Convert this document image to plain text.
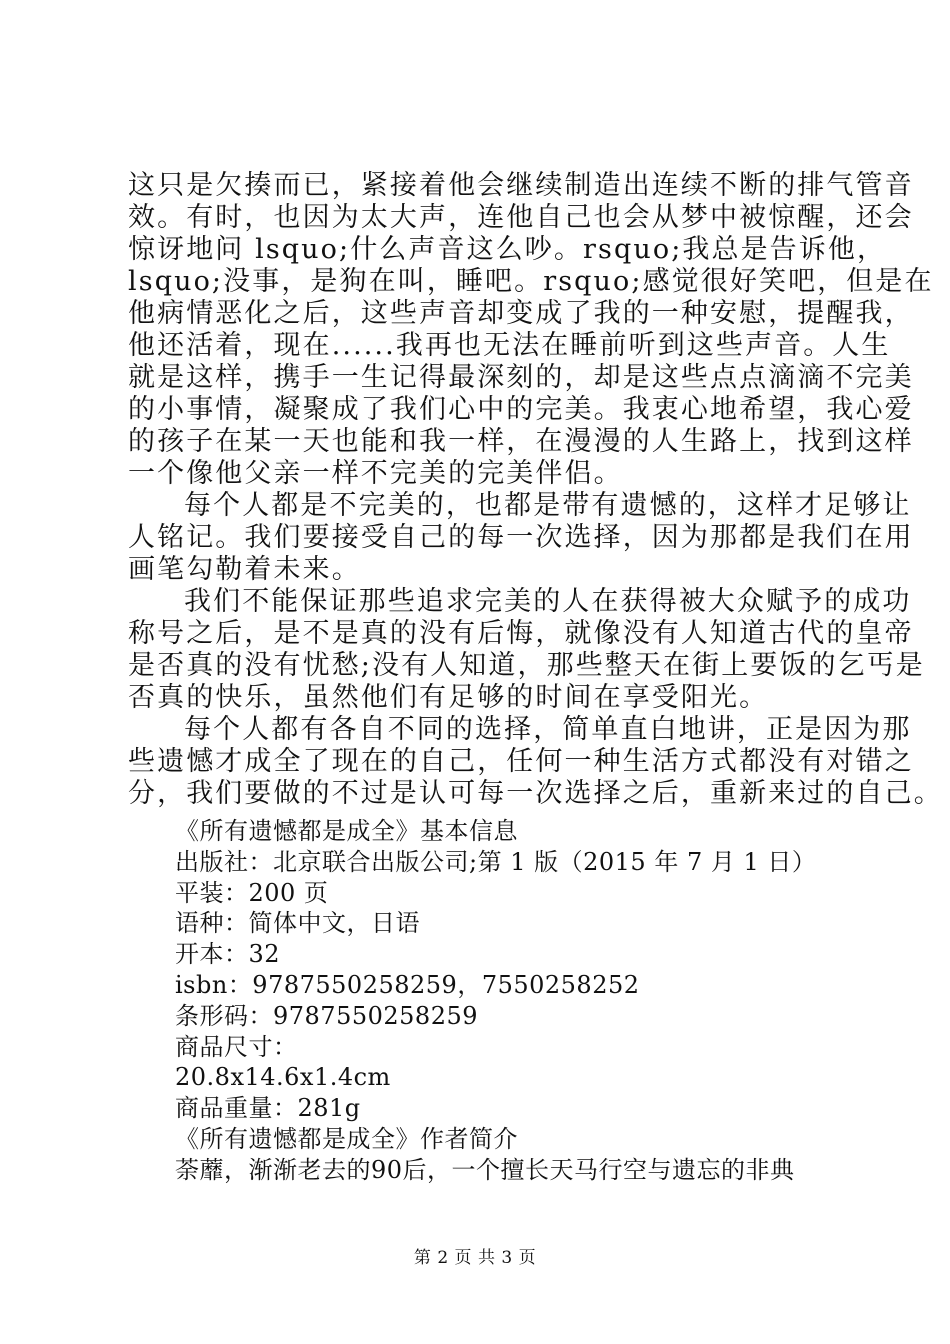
这只是欠揍而已，紧接着他会继续制造出连续不断的排气管音
效。有时，也因为太大声，连他自己也会从梦中被惊醒，还会
惊讶地问 lsquo;什么声音这么吵。rsquo;我总是告诉他，
lsquo;没事，是狗在叫，睡吧。rsquo;感觉很好笑吧，但是在
他病情恶化之后，这些声音却变成了我的一种安慰，提醒我，
他还活着，现在......我再也无法在睡前听到这些声音。人生
就是这样，携手一生记得最深刻的，却是这些点点滴滴不完美
的小事情，凝聚成了我们心中的完美。我衷心地希望，我心爱
的孩子在某一天也能和我一样，在漫漫的人生路上，找到这样
一个像他父亲一样不完美的完美伴侣。
每个人都是不完美的，也都是带有遗憾的，这样才足够让
人铭记。我们要接受自己的每一次选择，因为那都是我们在用
画笔勾勒着未来。
我们不能保证那些追求完美的人在获得被大众赋予的成功
称号之后，是不是真的没有后悔，就像没有人知道古代的皇帝
是否真的没有忧愁;没有人知道，那些整天在街上要饭的乞丐是
否真的快乐，虽然他们有足够的时间在享受阳光。
每个人都有各自不同的选择，简单直白地讲，正是因为那
些遗憾才成全了现在的自己，任何一种生活方式都没有对错之
分，我们要做的不过是认可每一次选择之后，重新来过的自己。
《所有遗憾都是成全》基本信息
出版社：北京联合出版公司;第 1 版（2015 年 7 月 1 日）
平装：200 页
语种：简体中文，日语
开本：32
isbn：9787550258259，7550258252
条形码：9787550258259
商品尺寸：
20.8x14.6x1.4cm
商品重量：281g
《所有遗憾都是成全》作者简介
荼蘼，渐渐老去的90后，一个擅长天马行空与遗忘的非典
第 2 页 共 3 页
